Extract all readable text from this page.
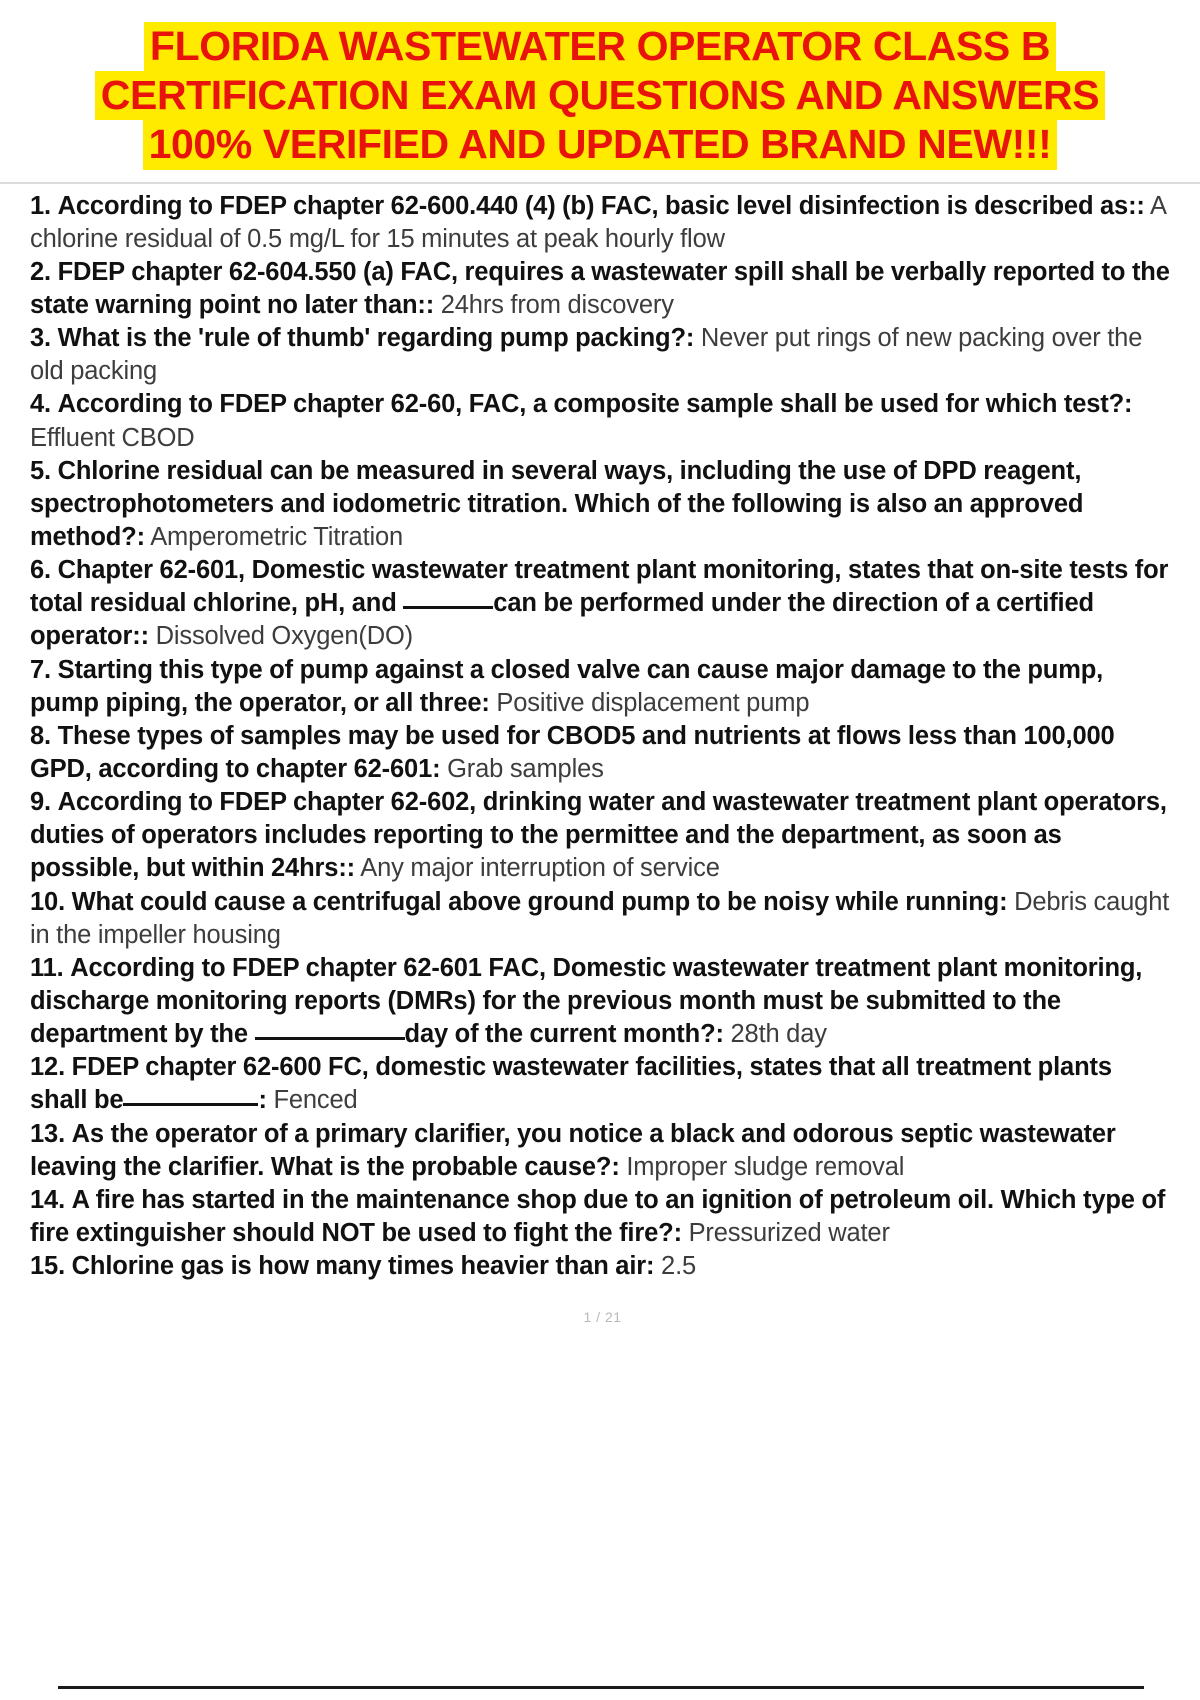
FLORIDA WASTEWATER OPERATOR CLASS B
CERTIFICATION EXAM QUESTIONS AND ANSWERS
100% VERIFIED AND UPDATED BRAND NEW!!!

1. According to FDEP chapter 62-600.440 (4) (b) FAC, basic level disinfection is described as:: A chlorine residual of 0.5 mg/L for 15 minutes at peak hourly flow

2. FDEP chapter 62-604.550 (a) FAC, requires a wastewater spill shall be verbally reported to the state warning point no later than:: 24hrs from discovery

3. What is the 'rule of thumb' regarding pump packing?: Never put rings of new packing over the old packing

4. According to FDEP chapter 62-60, FAC, a composite sample shall be used for which test?: Effluent CBOD

5. Chlorine residual can be measured in several ways, including the use of DPD reagent, spectrophotometers and iodometric titration. Which of the following is also an approved method?: Amperometric Titration

6. Chapter 62-601, Domestic wastewater treatment plant monitoring, states that on-site tests for total residual chlorine, pH, and	can be performed under the direction of a certified operator:: Dissolved Oxygen(DO)

7. Starting this type of pump against a closed valve can cause major damage to the pump, pump piping, the operator, or all three: Positive displacement pump

8. These types of samples may be used for CBOD5 and nutrients at flows less than 100,000 GPD, according to chapter 62-601: Grab samples

9. According to FDEP chapter 62-602, drinking water and wastewater treatment plant operators, duties of operators includes reporting to the permittee and the department, as soon as possible, but within 24hrs:: Any major interruption of service

10. What could cause a centrifugal above ground pump to be noisy while running: Debris caught in the impeller housing

11. According to FDEP chapter 62-601 FAC, Domestic wastewater treatment plant monitoring, discharge monitoring reports (DMRs) for the previous month must be submitted to the department by the	day of the current month?: 28th day

12. FDEP chapter 62-600 FC, domestic wastewater facilities, states that all treatment plants shall be	: Fenced

13. As the operator of a primary clarifier, you notice a black and odorous septic wastewater leaving the clarifier. What is the probable cause?: Improper sludge removal

14. A fire has started in the maintenance shop due to an ignition of petroleum oil. Which type of fire extinguisher should NOT be used to fight the fire?: Pressurized water

15. Chlorine gas is how many times heavier than air: 2.5

1 / 21
